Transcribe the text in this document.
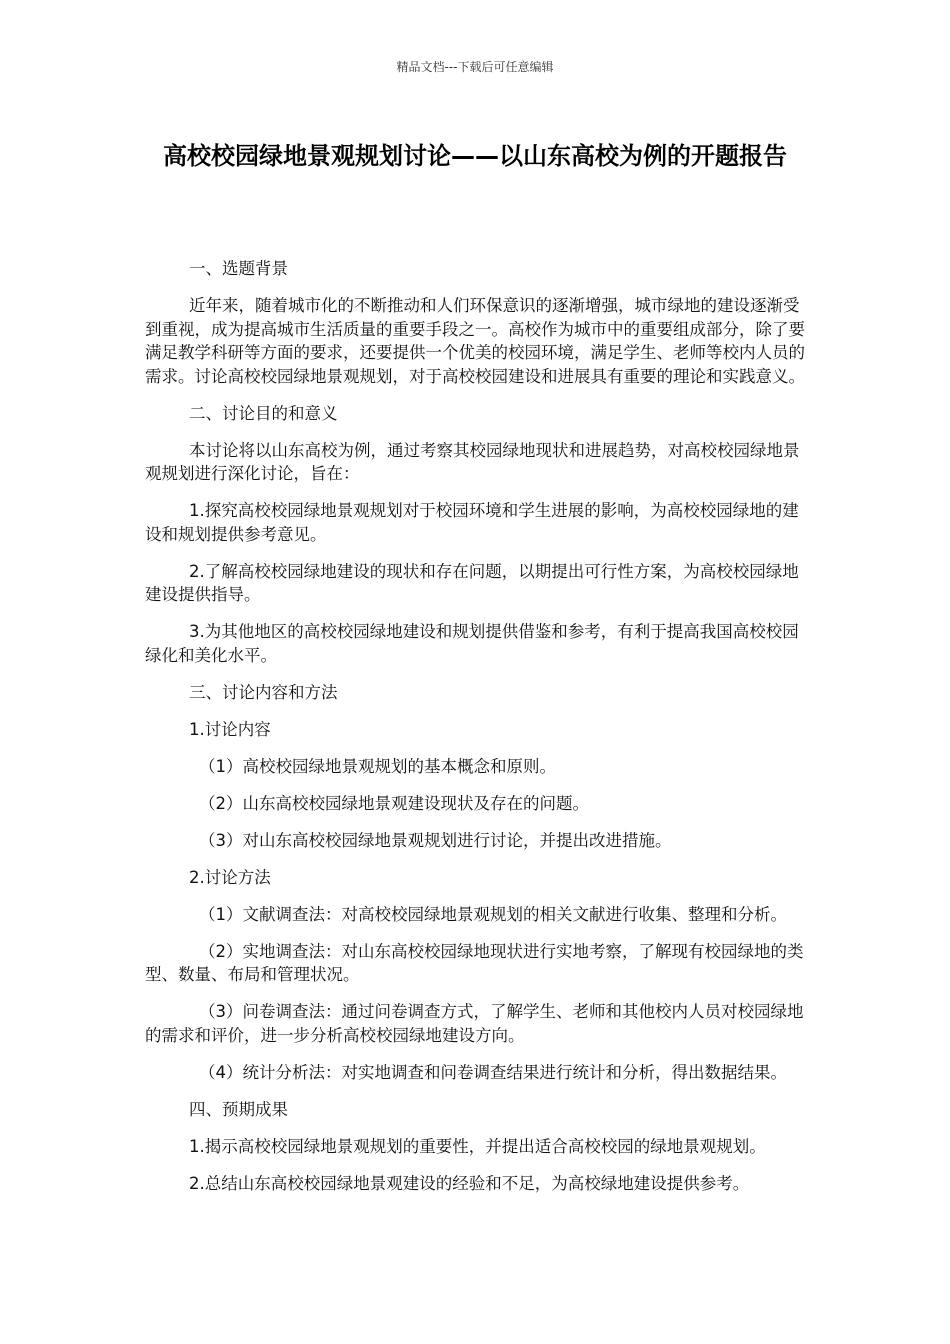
精品文档---下载后可任意编辑
高校校园绿地景观规划讨论——以山东高校为例的开题报告

一、选题背景

近年来，随着城市化的不断推动和人们环保意识的逐渐增强，城市绿地的建设逐渐受到重视，成为提高城市生活质量的重要手段之一。高校作为城市中的重要组成部分，除了要满足教学科研等方面的要求，还要提供一个优美的校园环境，满足学生、老师等校内人员的需求。讨论高校校园绿地景观规划，对于高校校园建设和进展具有重要的理论和实践意义。

二、讨论目的和意义

本讨论将以山东高校为例，通过考察其校园绿地现状和进展趋势，对高校校园绿地景观规划进行深化讨论，旨在：

1.探究高校校园绿地景观规划对于校园环境和学生进展的影响，为高校校园绿地的建设和规划提供参考意见。

2.了解高校校园绿地建设的现状和存在问题，以期提出可行性方案，为高校校园绿地建设提供指导。

3.为其他地区的高校校园绿地建设和规划提供借鉴和参考，有利于提高我国高校校园绿化和美化水平。

三、讨论内容和方法

1.讨论内容

（1）高校校园绿地景观规划的基本概念和原则。

（2）山东高校校园绿地景观建设现状及存在的问题。

（3）对山东高校校园绿地景观规划进行讨论，并提出改进措施。

2.讨论方法

（1）文献调查法：对高校校园绿地景观规划的相关文献进行收集、整理和分析。

（2）实地调查法：对山东高校校园绿地现状进行实地考察，了解现有校园绿地的类型、数量、布局和管理状况。

（3）问卷调查法：通过问卷调查方式，了解学生、老师和其他校内人员对校园绿地的需求和评价，进一步分析高校校园绿地建设方向。

（4）统计分析法：对实地调查和问卷调查结果进行统计和分析，得出数据结果。

四、预期成果

1.揭示高校校园绿地景观规划的重要性，并提出适合高校校园的绿地景观规划。

2.总结山东高校校园绿地景观建设的经验和不足，为高校绿地建设提供参考。
